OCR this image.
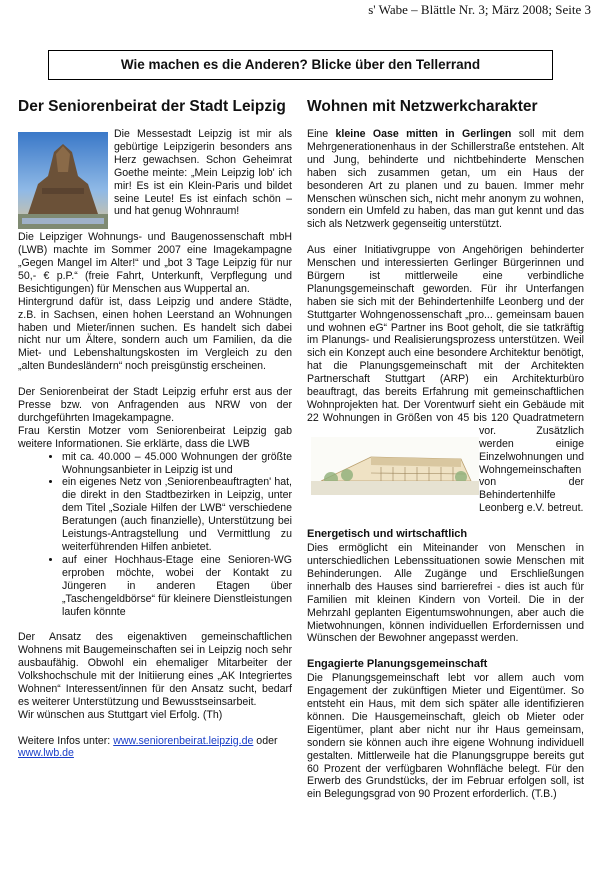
s' Wabe – Blättle Nr. 3; März 2008; Seite 3
Wie machen es die Anderen? Blicke über den Tellerrand
Der Seniorenbeirat der Stadt Leipzig

Die Messestadt Leipzig ist mir als gebürtige Leipzigerin besonders ans Herz gewachsen. Schon Geheimrat Goethe meinte: „Mein Leipzig lob' ich mir! Es ist ein Klein-Paris und bildet seine Leute! Es ist einfach schön – und hat genug Wohnraum!

Die Leipziger Wohnungs- und Baugenossenschaft mbH (LWB) machte im Sommer 2007 eine Imagekampagne „Gegen Mangel im Alter!“ und „bot 3 Tage Leipzig für nur 50,- € p.P.“ (freie Fahrt, Unterkunft, Verpflegung und Besichtigungen) für Menschen aus Wuppertal an.

Hintergrund dafür ist, dass Leipzig und andere Städte, z.B. in Sachsen, einen hohen Leerstand an Wohnungen haben und Mieter/innen suchen. Es handelt sich dabei nicht nur um Ältere, sondern auch um Familien, da die Miet- und Lebenshaltungskosten im Vergleich zu den „alten Bundesländern“ noch preisgünstig erscheinen.

Der Seniorenbeirat der Stadt Leipzig erfuhr erst aus der Presse bzw. von Anfragenden aus NRW von der durchgeführten Imagekampagne.

Frau Kerstin Motzer vom Seniorenbeirat Leipzig gab weitere Informationen. Sie erklärte, dass die LWB

• mit ca. 40.000 – 45.000 Wohnungen der größte Wohnungsanbieter in Leipzig ist und
• ein eigenes Netz von ‚Seniorenbeauftragten' hat, die direkt in den Stadtbezirken in Leipzig, unter dem Titel „Soziale Hilfen der LWB“ verschiedene Beratungen (auch finanzielle), Unterstützung bei Leistungs-Antragstellung und Vermittlung zu weiterführenden Hilfen anbietet.
• auf einer Hochhaus-Etage eine Senioren-WG erproben möchte, wobei der Kontakt zu Jüngeren in anderen Etagen über „Taschengeldbörse“ für kleinere Dienstleistungen laufen könnte

Der Ansatz des eigenaktiven gemeinschaftlichen Wohnens mit Baugemeinschaften sei in Leipzig noch sehr ausbaufähig. Obwohl ein ehemaliger Mitarbeiter der Volkshochschule mit der Initiierung eines „AK Integriertes Wohnen“ Interessent/innen für den Ansatz sucht, bedarf es weiterer Unterstützung und Bewusstseinsarbeit.

Wir wünschen aus Stuttgart viel Erfolg. (Th)

Weitere Infos unter: www.seniorenbeirat.leipzig.de oder
www.lwb.de

Wohnen mit Netzwerkcharakter

Eine kleine Oase mitten in Gerlingen soll mit dem Mehrgenerationenhaus in der Schillerstraße entstehen. Alt und Jung, behinderte und nichtbehinderte Menschen haben sich zusammen getan, um ein Haus der besonderen Art zu planen und zu bauen. Immer mehr Menschen wünschen sich„ nicht mehr anonym zu wohnen, sondern ein Umfeld zu haben, das man gut kennt und das sich als Netzwerk gegenseitig unterstützt.

Aus einer Initiativgruppe von Angehörigen behinderter Menschen und interessierten Gerlinger Bürgerinnen und Bürgern ist mittlerweile eine verbindliche Planungsgemeinschaft geworden. Für ihr Unterfangen haben sie sich mit der Behindertenhilfe Leonberg und der Stuttgarter Wohngenossenschaft „pro... gemeinsam bauen und wohnen eG“ Partner ins Boot geholt, die sie tatkräftig im Planungs- und Realisierungsprozess unterstützen. Weil sich ein Konzept auch eine besondere Architektur benötigt, hat die Planungsgemeinschaft mit der Architekten Partnerschaft Stuttgart (ARP) ein Architekturbüro beauftragt, das bereits Erfahrung mit gemeinschaftlichen Wohnprojekten hat. Der Vorentwurf sieht ein Gebäude mit 22 Wohnungen in Größen von 45 bis 120 Quadratmetern vor. Zusätzlich werden einige Einzelwohnungen und Wohngemeinschaften von der Behindertenhilfe Leonberg e.V. betreut.

Energetisch und wirtschaftlich

Dies ermöglicht ein Miteinander von Menschen in unterschiedlichen Lebenssituationen sowie Menschen mit Behinderungen. Alle Zugänge und Erschließungen innerhalb des Hauses sind barrierefrei - dies ist auch für Familien mit kleinen Kindern von Vorteil. Die in der Mehrzahl geplanten Eigentumswohnungen, aber auch die Mietwohnungen, können individuellen Erfordernissen und Wünschen der Bewohner angepasst werden.

Engagierte Planungsgemeinschaft

Die Planungsgemeinschaft lebt vor allem auch vom Engagement der zukünftigen Mieter und Eigentümer. So entsteht ein Haus, mit dem sich später alle identifizieren können. Die Hausgemeinschaft, gleich ob Mieter oder Eigentümer, plant aber nicht nur ihr Haus gemeinsam, sondern sie können auch ihre eigene Wohnung individuell gestalten. Mittlerweile hat die Planungsgruppe bereits gut 60 Prozent der verfügbaren Wohnfläche belegt. Für den Erwerb des Grundstücks, der im Februar erfolgen soll, ist ein Belegungsgrad von 90 Prozent erforderlich. (T.B.)
